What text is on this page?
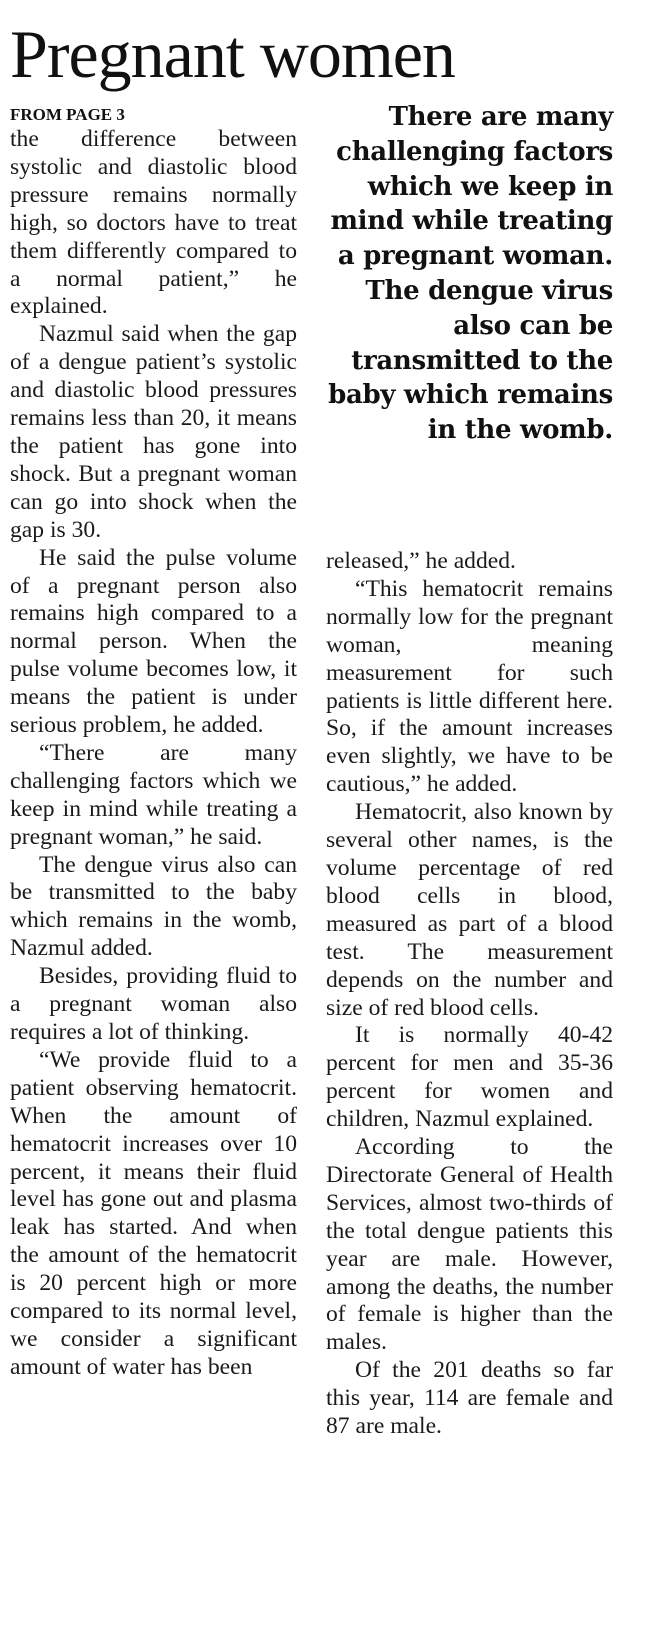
Pregnant women
FROM PAGE 3

the difference between systolic and diastolic blood pressure remains normally high, so doctors have to treat them differently compared to a normal patient,” he explained.

Nazmul said when the gap of a dengue patient’s systolic and diastolic blood pressures remains less than 20, it means the patient has gone into shock. But a pregnant woman can go into shock when the gap is 30.

He said the pulse volume of a pregnant person also remains high compared to a normal person. When the pulse volume becomes low, it means the patient is under serious problem, he added.

“There are many challenging factors which we keep in mind while treating a pregnant woman,” he said.

The dengue virus also can be transmitted to the baby which remains in the womb, Nazmul added.

Besides, providing fluid to a pregnant woman also requires a lot of thinking.

“We provide fluid to a patient observing hematocrit. When the amount of hematocrit increases over 10 percent, it means their fluid level has gone out and plasma leak has started. And when the amount of the hematocrit is 20 percent high or more compared to its normal level, we consider a significant amount of water has been

There are many challenging factors which we keep in mind while treating a pregnant woman. The dengue virus also can be transmitted to the baby which remains in the womb.

released,” he added.

“This hematocrit remains normally low for the pregnant woman, meaning measurement for such patients is little different here. So, if the amount increases even slightly, we have to be cautious,” he added.

Hematocrit, also known by several other names, is the volume percentage of red blood cells in blood, measured as part of a blood test. The measurement depends on the number and size of red blood cells.

It is normally 40-42 percent for men and 35-36 percent for women and children, Nazmul explained.

According to the Directorate General of Health Services, almost two-thirds of the total dengue patients this year are male. However, among the deaths, the number of female is higher than the males.

Of the 201 deaths so far this year, 114 are female and 87 are male.
